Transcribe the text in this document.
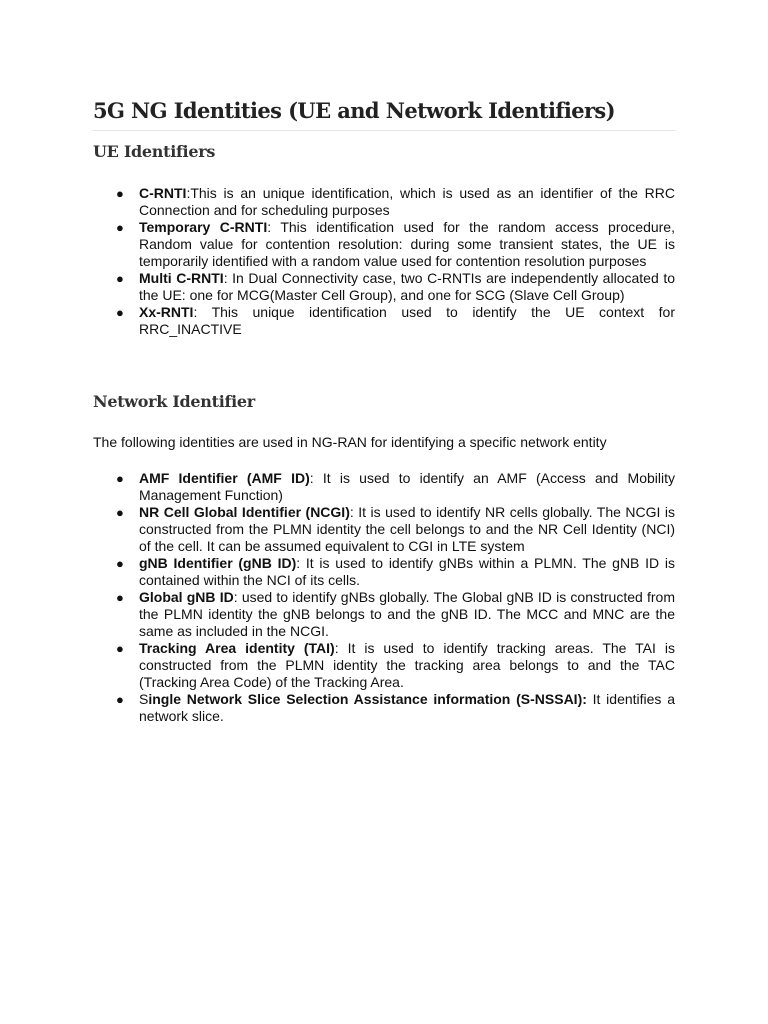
5G NG Identities (UE and Network Identifiers)
UE Identifiers
● C-RNTI:This is an unique identification, which is used as an identifier of the RRC Connection and for scheduling purposes
● Temporary C-RNTI: This identification used for the random access procedure, Random value for contention resolution: during some transient states, the UE is temporarily identified with a random value used for contention resolution purposes
● Multi C-RNTI: In Dual Connectivity case, two C-RNTIs are independently allocated to the UE: one for MCG(Master Cell Group), and one for SCG (Slave Cell Group)
● Xx-RNTI: This unique identification used to identify the UE context for RRC_INACTIVE
Network Identifier

The following identities are used in NG-RAN for identifying a specific network entity

● AMF Identifier (AMF ID): It is used to identify an AMF (Access and Mobility Management Function)
● NR Cell Global Identifier (NCGI): It is used to identify NR cells globally. The NCGI is constructed from the PLMN identity the cell belongs to and the NR Cell Identity (NCI) of the cell. It can be assumed equivalent to CGI in LTE system
● gNB Identifier (gNB ID): It is used to identify gNBs within a PLMN. The gNB ID is contained within the NCI of its cells.
● Global gNB ID: used to identify gNBs globally. The Global gNB ID is constructed from the PLMN identity the gNB belongs to and the gNB ID. The MCC and MNC are the same as included in the NCGI.
● Tracking Area identity (TAI): It is used to identify tracking areas. The TAI is constructed from the PLMN identity the tracking area belongs to and the TAC (Tracking Area Code) of the Tracking Area.
● Single Network Slice Selection Assistance information (S-NSSAI): It identifies a network slice.
